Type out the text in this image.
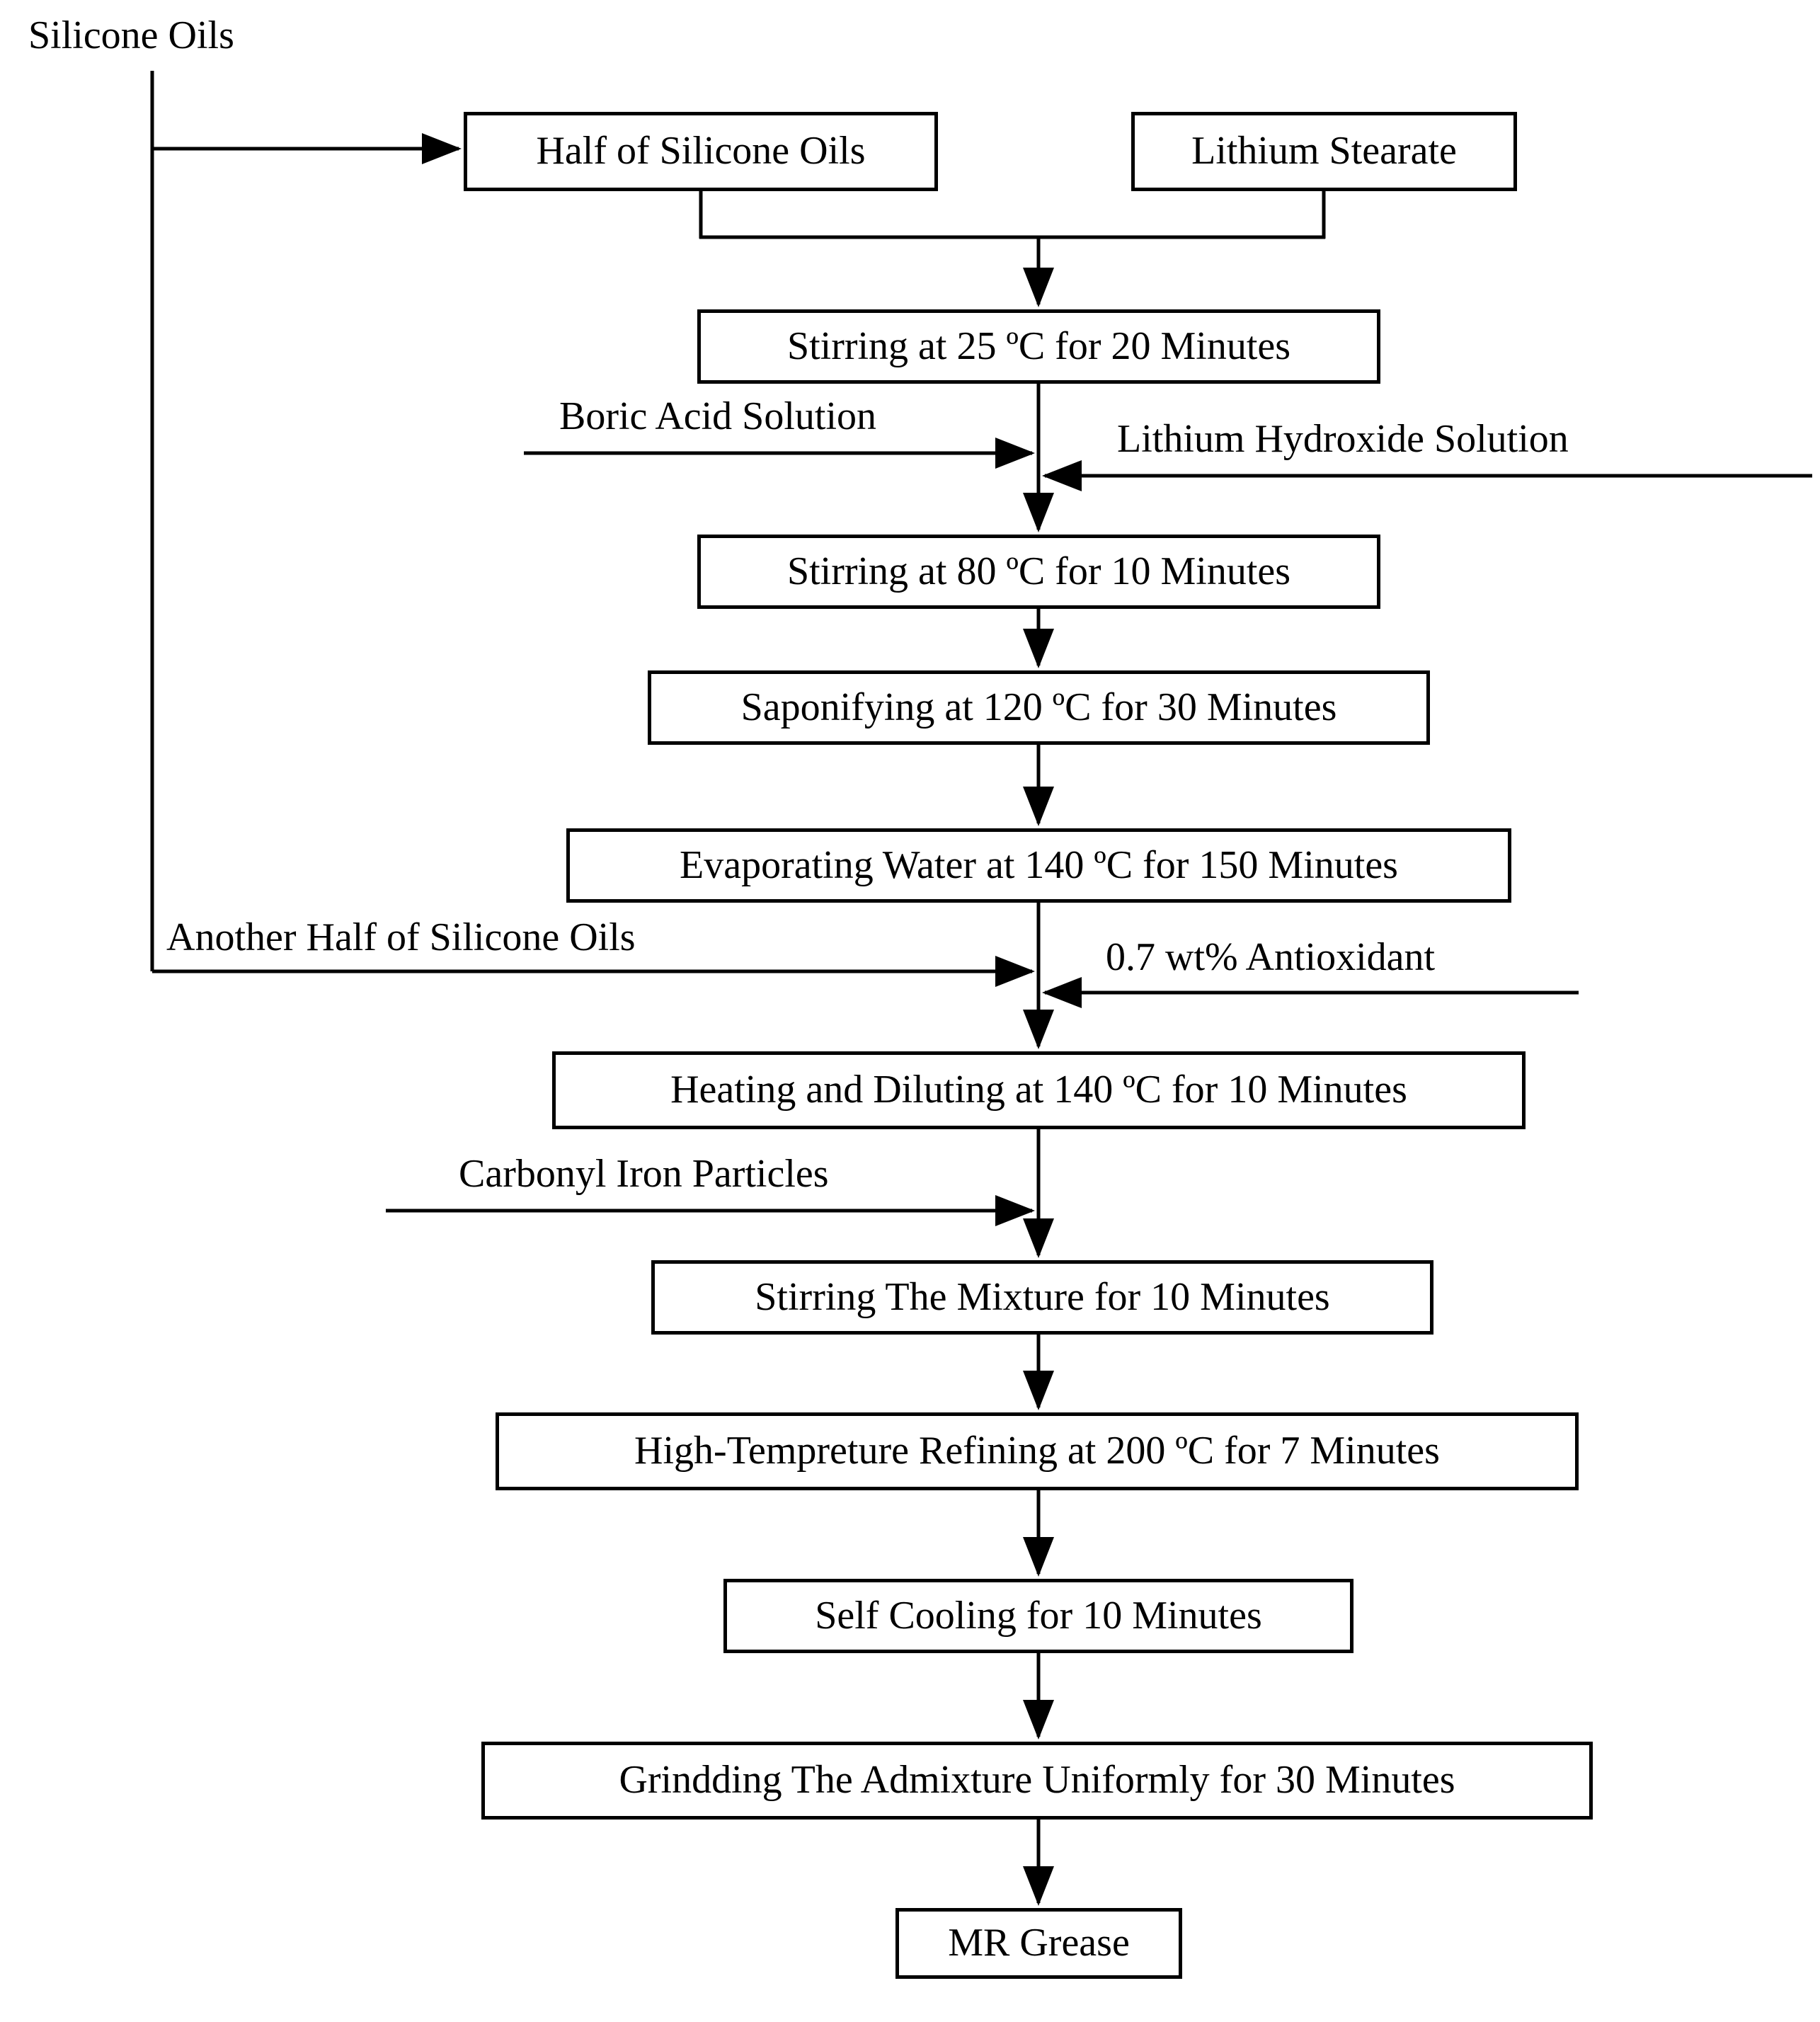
Silicone Oils
Boric Acid Solution
Lithium Hydroxide Solution
Another Half of Silicone Oils	0.7 wt% Antioxidant
Carbonyl Iron Particles
Half of Silicone Oils	Lithium Stearate
Stirring at 25 ºC for 20 Minutes
Stirring at 80 ºC for 10 Minutes
Saponifying at 120 ºC for 30 Minutes
Evaporating Water at 140 ºC for 150 Minutes
Heating and Diluting at 140 ºC for 10 Minutes
Stirring The Mixture for 10 Minutes
High-Tempreture Refining at 200 ºC for 7 Minutes
Self Cooling for 10 Minutes
Grindding The Admixture Uniformly for 30 Minutes
MR Grease
